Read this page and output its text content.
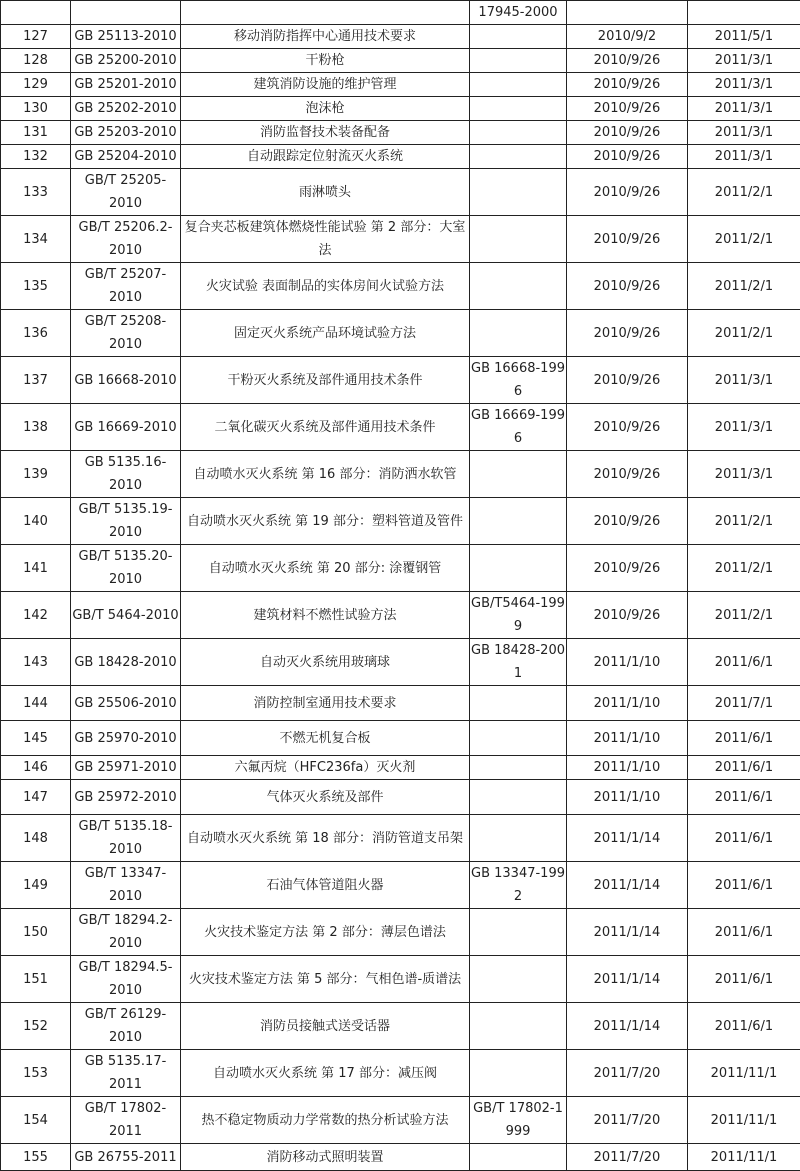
			17945-2000		
127	GB 25113-2010	移动消防指挥中心通用技术要求		2010/9/2	2011/5/1
128	GB 25200-2010	干粉枪		2010/9/26	2011/3/1
129	GB 25201-2010	建筑消防设施的维护管理		2010/9/26	2011/3/1
130	GB 25202-2010	泡沫枪		2010/9/26	2011/3/1
131	GB 25203-2010	消防监督技术装备配备		2010/9/26	2011/3/1
132	GB 25204-2010	自动跟踪定位射流灭火系统		2010/9/26	2011/3/1
133	GB/T 25205-2010	雨淋喷头		2010/9/26	2011/2/1
134	GB/T 25206.2-2010	复合夹芯板建筑体燃烧性能试验 第 2 部分：大室法		2010/9/26	2011/2/1
135	GB/T 25207-2010	火灾试验 表面制品的实体房间火试验方法		2010/9/26	2011/2/1
136	GB/T 25208-2010	固定灭火系统产品环境试验方法		2010/9/26	2011/2/1
137	GB 16668-2010	干粉灭火系统及部件通用技术条件	GB 16668-1996	2010/9/26	2011/3/1
138	GB 16669-2010	二氧化碳灭火系统及部件通用技术条件	GB 16669-1996	2010/9/26	2011/3/1
139	GB 5135.16-2010	自动喷水灭火系统 第 16 部分：消防洒水软管		2010/9/26	2011/3/1
140	GB/T 5135.19-2010	自动喷水灭火系统 第 19 部分：塑料管道及管件		2010/9/26	2011/2/1
141	GB/T 5135.20-2010	自动喷水灭火系统 第 20 部分: 涂覆钢管		2010/9/26	2011/2/1
142	GB/T 5464-2010	建筑材料不燃性试验方法	GB/T5464-1999	2010/9/26	2011/2/1
143	GB 18428-2010	自动灭火系统用玻璃球	GB 18428-2001	2011/1/10	2011/6/1
144	GB 25506-2010	消防控制室通用技术要求		2011/1/10	2011/7/1
145	GB 25970-2010	不燃无机复合板		2011/1/10	2011/6/1
146	GB 25971-2010	六氟丙烷（HFC236fa）灭火剂		2011/1/10	2011/6/1
147	GB 25972-2010	气体灭火系统及部件		2011/1/10	2011/6/1
148	GB/T 5135.18-2010	自动喷水灭火系统 第 18 部分：消防管道支吊架		2011/1/14	2011/6/1
149	GB/T 13347-2010	石油气体管道阻火器	GB 13347-1992	2011/1/14	2011/6/1
150	GB/T 18294.2-2010	火灾技术鉴定方法 第 2 部分：薄层色谱法		2011/1/14	2011/6/1
151	GB/T 18294.5-2010	火灾技术鉴定方法 第 5 部分：气相色谱-质谱法		2011/1/14	2011/6/1
152	GB/T 26129-2010	消防员接触式送受话器		2011/1/14	2011/6/1
153	GB 5135.17-2011	自动喷水灭火系统 第 17 部分：减压阀		2011/7/20	2011/11/1
154	GB/T 17802-2011	热不稳定物质动力学常数的热分析试验方法	GB/T 17802-1999	2011/7/20	2011/11/1
155	GB 26755-2011	消防移动式照明装置		2011/7/20	2011/11/1
